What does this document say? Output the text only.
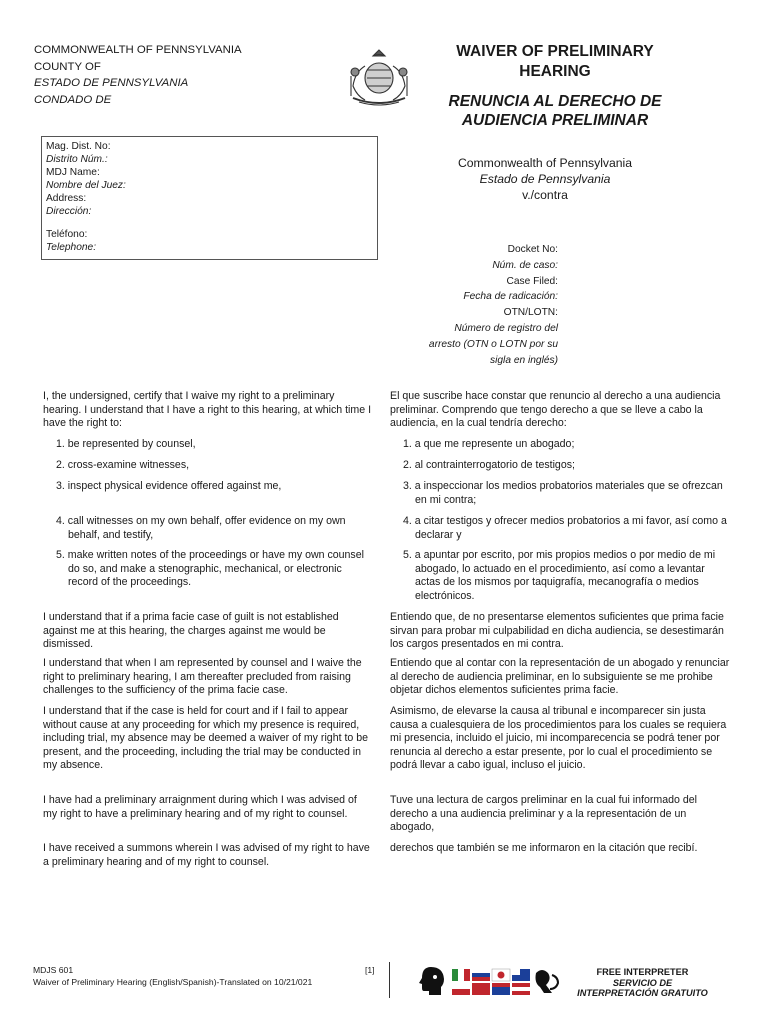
COMMONWEALTH OF PENNSYLVANIA
COUNTY OF
ESTADO DE PENNSYLVANIA
CONDADO DE
WAIVER OF PRELIMINARY
HEARING
RENUNCIA AL DERECHO DE
AUDIENCIA PRELIMINAR
Mag. Dist. No:
Distrito Núm.:
MDJ Name:
Nombre del Juez:
Address:
Dirección:
Teléfono:
Telephone:
Commonwealth of Pennsylvania
Estado de Pennsylvania
v./contra
Docket No:
Núm. de caso:
Case Filed:
Fecha de radicación:
OTN/LOTN:
Número de registro del
arresto (OTN o LOTN por su
sigla en inglés)
I, the undersigned, certify that I waive my right to a preliminary hearing. I understand that I have a right to this hearing, at which time I have the right to:
1. be represented by counsel,
2. cross-examine witnesses,
3. inspect physical evidence offered against me,
4. call witnesses on my own behalf, offer evidence on my own behalf, and testify,
5. make written notes of the proceedings or have my own counsel do so, and make a stenographic, mechanical, or electronic record of the proceedings.
I understand that if a prima facie case of guilt is not established against me at this hearing, the charges against me would be dismissed.
I understand that when I am represented by counsel and I waive the right to preliminary hearing, I am thereafter precluded from raising challenges to the sufficiency of the prima facie case.
I understand that if the case is held for court and if I fail to appear without cause at any proceeding for which my presence is required, including trial, my absence may be deemed a waiver of my right to be present, and the proceeding, including the trial may be conducted in my absence.
I have had a preliminary arraignment during which I was advised of my right to have a preliminary hearing and of my right to counsel.
I have received a summons wherein I was advised of my right to have a preliminary hearing and of my right to counsel.
El que suscribe hace constar que renuncio al derecho a una audiencia preliminar. Comprendo que tengo derecho a que se lleve a cabo la audiencia, en la cual tendría derecho:
1. a que me represente un abogado;
2. al contrainterrogatorio de testigos;
3. a inspeccionar los medios probatorios materiales que se ofrezcan en mi contra;
4. a citar testigos y ofrecer medios probatorios a mi favor, así como a declarar y
5. a apuntar por escrito, por mis propios medios o por medio de mi abogado, lo actuado en el procedimiento, así como a levantar actas de los mismos por taquigrafía, mecanografía o medios electrónicos.
Entiendo que, de no presentarse elementos suficientes que prima facie sirvan para probar mi culpabilidad en dicha audiencia, se desestimarán los cargos presentados en mi contra.
Entiendo que al contar con la representación de un abogado y renunciar al derecho de audiencia preliminar, en lo subsiguiente se me prohibe objetar dichos elementos suficientes prima facie.
Asimismo, de elevarse la causa al tribunal e incomparecer sin justa causa a cualesquiera de los procedimientos para los cuales se requiera mi presencia, incluido el juicio, mi incomparecencia se podrá tener por renuncia al derecho a estar presente, por lo cual el procedimiento se podrá llevar a cabo igual, incluso el juicio.
Tuve una lectura de cargos preliminar en la cual fui informado del derecho a una audiencia preliminar y a la representación de un abogado,
derechos que también se me informaron en la citación que recibí.
MDJS 601
Waiver of Preliminary Hearing (English/Spanish)-Translated on 10/21/021
[1]	FREE INTERPRETER
SERVICIO DE
INTERPRETACIÓN GRATUITO
